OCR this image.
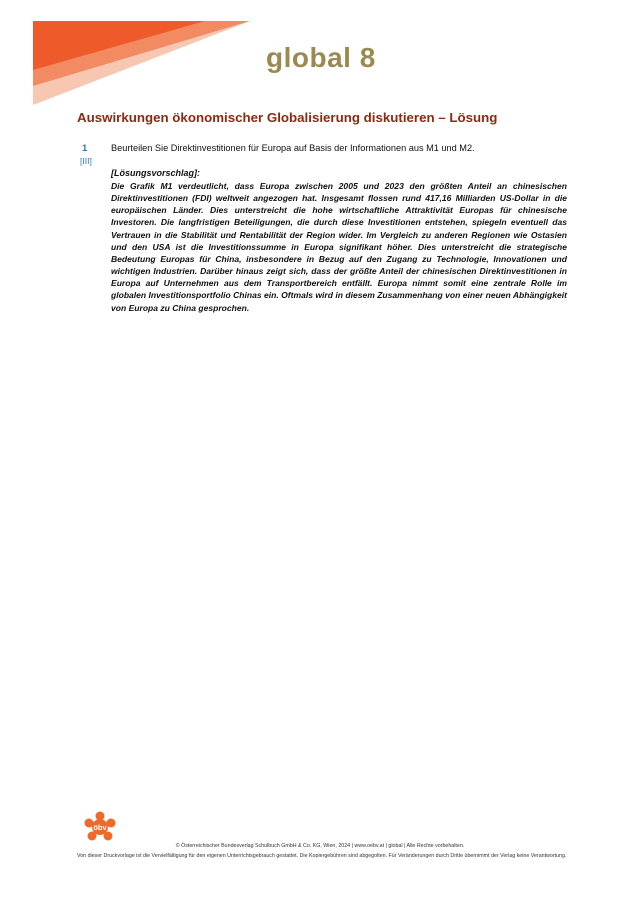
global 8
Auswirkungen ökonomischer Globalisierung diskutieren – Lösung
1
[III]
Beurteilen Sie Direktinvestitionen für Europa auf Basis der Informationen aus M1 und M2.
[Lösungsvorschlag]:

Die Grafik M1 verdeutlicht, dass Europa zwischen 2005 und 2023 den größten Anteil an chinesischen Direktinvestitionen (FDI) weltweit angezogen hat. Insgesamt flossen rund 417,16 Milliarden US-Dollar in die europäischen Länder. Dies unterstreicht die hohe wirtschaftliche Attraktivität Europas für chinesische Investoren. Die langfristigen Beteiligungen, die durch diese Investitionen entstehen, spiegeln eventuell das Vertrauen in die Stabilität und Rentabilität der Region wider. Im Vergleich zu anderen Regionen wie Ostasien und den USA ist die Investitionssumme in Europa signifikant höher. Dies unterstreicht die strategische Bedeutung Europas für China, insbesondere in Bezug auf den Zugang zu Technologie, Innovationen und wichtigen Industrien. Darüber hinaus zeigt sich, dass der größte Anteil der chinesischen Direktinvestitionen in Europa auf Unternehmen aus dem Transportbereich entfällt. Europa nimmt somit eine zentrale Rolle im globalen Investitionsportfolio Chinas ein. Oftmals wird in diesem Zusammenhang von einer neuen Abhängigkeit von Europa zu China gesprochen.

öbv
© Österreichischer Bundesverlag Schulbuch GmbH & Co. KG, Wien, 2024 | www.oebv.at | global | Alle Rechte vorbehalten.
Von dieser Druckvorlage ist die Vervielfältigung für den eigenen Unterrichtsgebrauch gestattet. Die Kopiergebühren sind abgegolten. Für Veränderungen durch Dritte übernimmt der Verlag keine Verantwortung.
